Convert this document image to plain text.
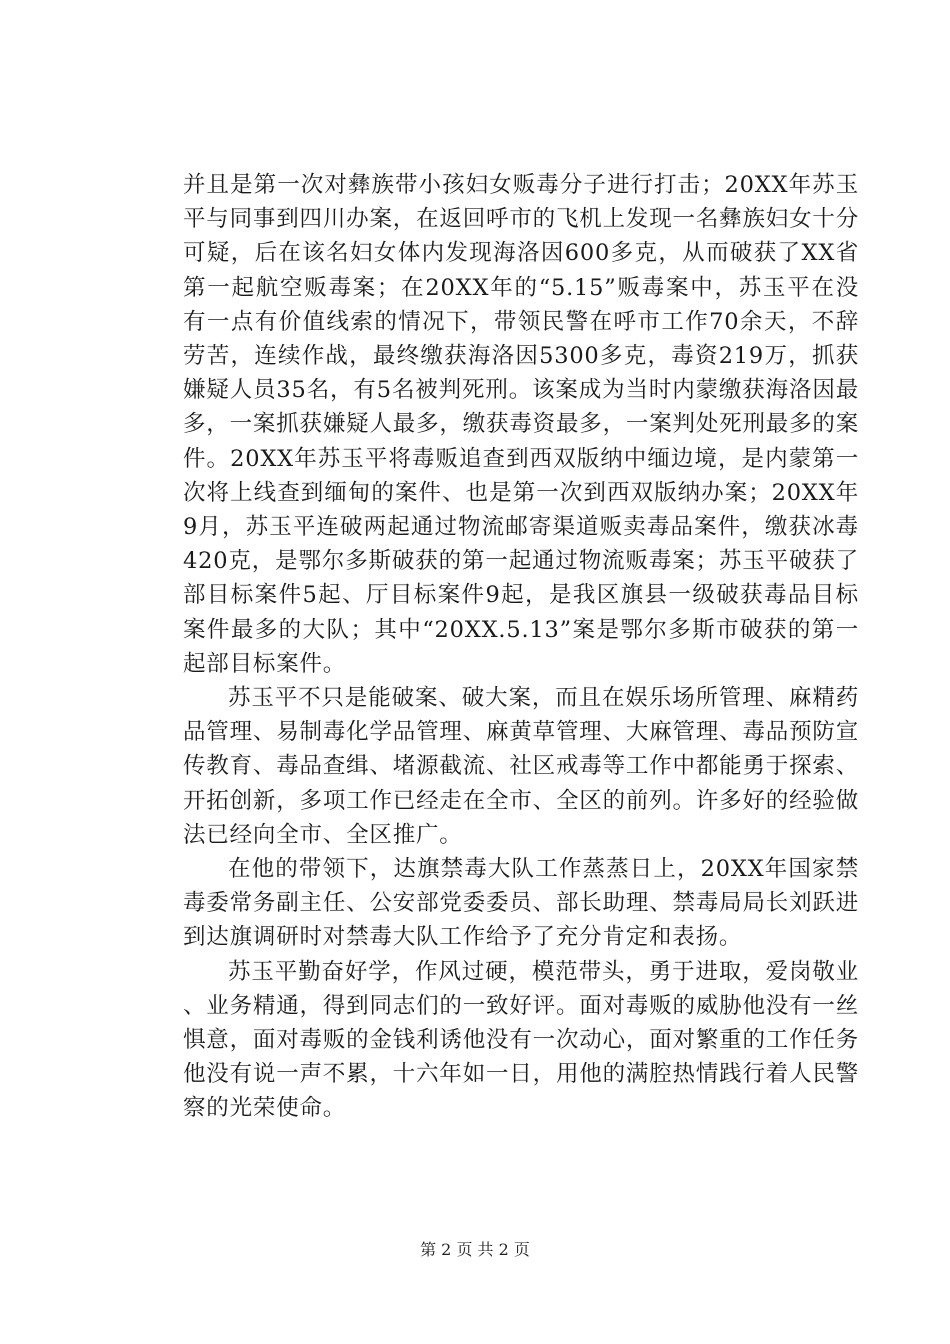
并且是第一次对彝族带小孩妇女贩毒分子进行打击；20XX年苏玉平与同事到四川办案，在返回呼市的飞机上发现一名彝族妇女十分可疑，后在该名妇女体内发现海洛因600多克，从而破获了XX省第一起航空贩毒案；在20XX年的“5.15”贩毒案中，苏玉平在没有一点有价值线索的情况下，带领民警在呼市工作70余天，不辞劳苦，连续作战，最终缴获海洛因5300多克，毒资219万，抓获嫌疑人员35名，有5名被判死刑。该案成为当时内蒙缴获海洛因最多，一案抓获嫌疑人最多，缴获毒资最多，一案判处死刑最多的案件。20XX年苏玉平将毒贩追查到西双版纳中缅边境，是内蒙第一次将上线查到缅甸的案件、也是第一次到西双版纳办案；20XX年9月，苏玉平连破两起通过物流邮寄渠道贩卖毒品案件，缴获冰毒420克，是鄂尔多斯破获的第一起通过物流贩毒案；苏玉平破获了部目标案件5起、厅目标案件9起，是我区旗县一级破获毒品目标案件最多的大队；其中“20XX.5.13”案是鄂尔多斯市破获的第一起部目标案件。

苏玉平不只是能破案、破大案，而且在娱乐场所管理、麻精药品管理、易制毒化学品管理、麻黄草管理、大麻管理、毒品预防宣传教育、毒品查缉、堵源截流、社区戒毒等工作中都能勇于探索、开拓创新，多项工作已经走在全市、全区的前列。许多好的经验做法已经向全市、全区推广。

在他的带领下，达旗禁毒大队工作蒸蒸日上，20XX年国家禁毒委常务副主任、公安部党委委员、部长助理、禁毒局局长刘跃进到达旗调研时对禁毒大队工作给予了充分肯定和表扬。

苏玉平勤奋好学，作风过硬，模范带头，勇于进取，爱岗敬业、业务精通，得到同志们的一致好评。面对毒贩的威胁他没有一丝惧意，面对毒贩的金钱利诱他没有一次动心，面对繁重的工作任务他没有说一声不累，十六年如一日，用他的满腔热情践行着人民警察的光荣使命。

第 2 页 共 2 页
